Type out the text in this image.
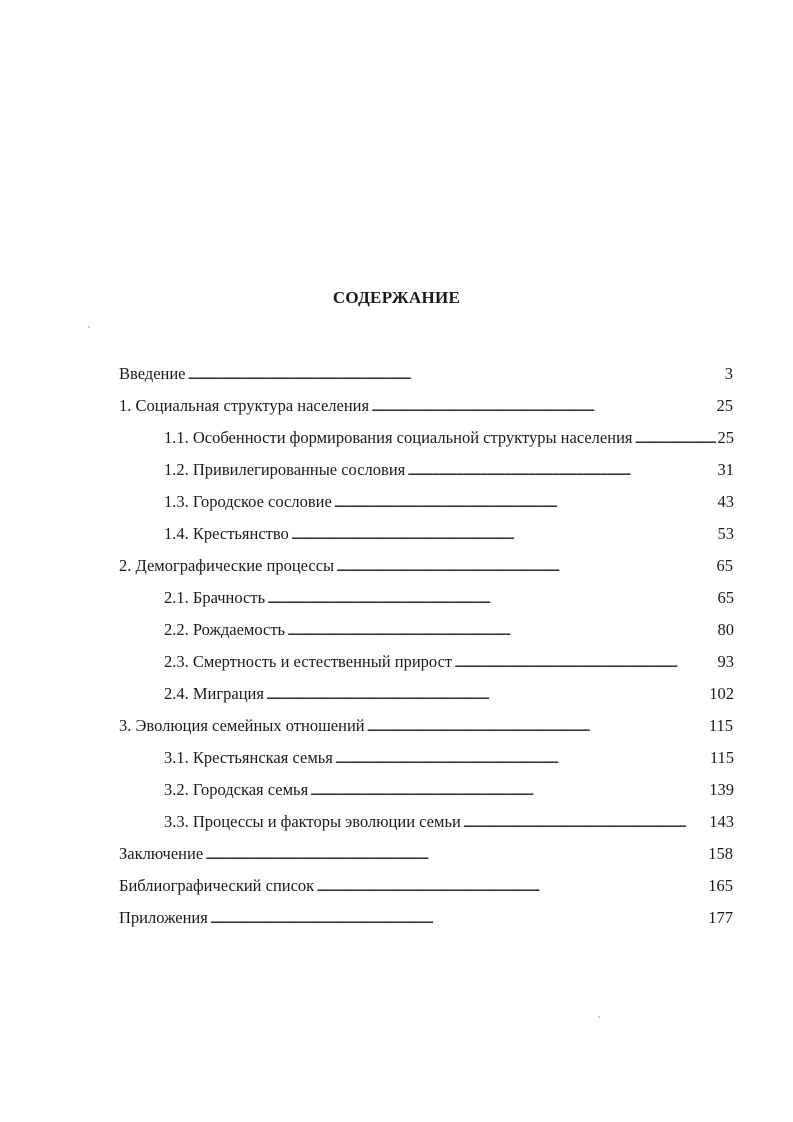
СОДЕРЖАНИЕ
Введение . . .	3
1. Социальная структура населения . . .	25
1.1. Особенности формирования социальной структуры населения . . .	25
1.2. Привилегированные сословия . . .	31
1.3. Городское сословие . . .	43
1.4. Крестьянство . . .	53
2. Демографические процессы . . .	65
2.1. Брачность . . .	65
2.2. Рождаемость . . .	80
2.3. Смертность и естественный прирост . . .	93
2.4. Миграция . . .	102
3. Эволюция семейных отношений . . .	115
3.1. Крестьянская семья . . .	115
3.2. Городская семья . . .	139
3.3. Процессы и факторы эволюции семьи . . .	143
Заключение . . .	158
Библиографический список . . .	165
Приложения . . .	177
